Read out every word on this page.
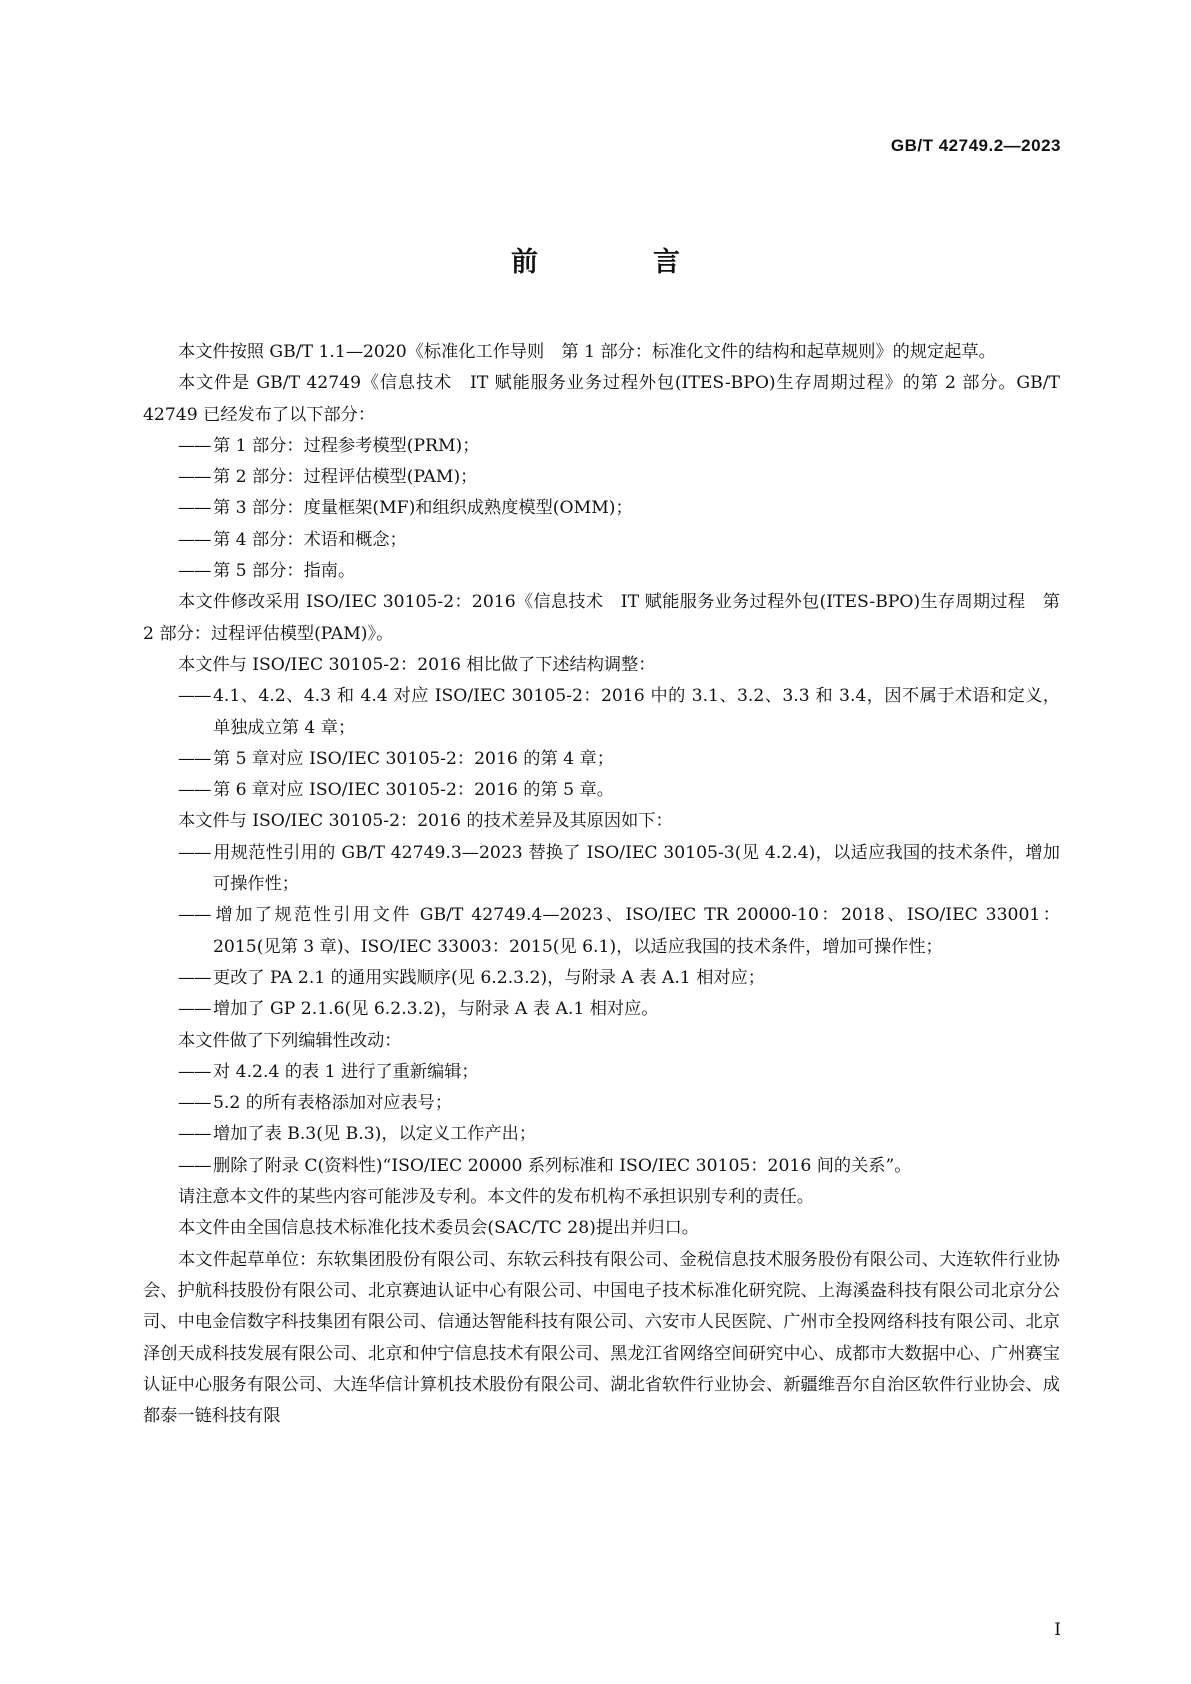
GB/T 42749.2—2023
前　言

本文件按照 GB/T 1.1—2020《标准化工作导则　第 1 部分：标准化文件的结构和起草规则》的规定起草。

本文件是 GB/T 42749《信息技术　IT 赋能服务业务过程外包(ITES-BPO)生存周期过程》的第 2 部分。GB/T 42749 已经发布了以下部分：

—— 第 1 部分：过程参考模型(PRM)；

—— 第 2 部分：过程评估模型(PAM)；

—— 第 3 部分：度量框架(MF)和组织成熟度模型(OMM)；

—— 第 4 部分：术语和概念；

—— 第 5 部分：指南。

本文件修改采用 ISO/IEC 30105-2：2016《信息技术　IT 赋能服务业务过程外包(ITES-BPO)生存周期过程　第 2 部分：过程评估模型(PAM)》。

本文件与 ISO/IEC 30105-2：2016 相比做了下述结构调整：

—— 4.1、4.2、4.3 和 4.4 对应 ISO/IEC 30105-2：2016 中的 3.1、3.2、3.3 和 3.4，因不属于术语和定义，单独成立第 4 章；

—— 第 5 章对应 ISO/IEC 30105-2：2016 的第 4 章；

—— 第 6 章对应 ISO/IEC 30105-2：2016 的第 5 章。

本文件与 ISO/IEC 30105-2：2016 的技术差异及其原因如下：

—— 用规范性引用的 GB/T 42749.3—2023 替换了 ISO/IEC 30105-3(见 4.2.4)，以适应我国的技术条件，增加可操作性；

—— 增加了规范性引用文件 GB/T 42749.4—2023、ISO/IEC TR 20000-10：2018、ISO/IEC 33001：2015(见第 3 章)、ISO/IEC 33003：2015(见 6.1)，以适应我国的技术条件，增加可操作性；

—— 更改了 PA 2.1 的通用实践顺序(见 6.2.3.2)，与附录 A 表 A.1 相对应；

—— 增加了 GP 2.1.6(见 6.2.3.2)，与附录 A 表 A.1 相对应。

本文件做了下列编辑性改动：

—— 对 4.2.4 的表 1 进行了重新编辑；

—— 5.2 的所有表格添加对应表号；

—— 增加了表 B.3(见 B.3)，以定义工作产出；

—— 删除了附录 C(资料性)“ISO/IEC 20000 系列标准和 ISO/IEC 30105：2016 间的关系”。

请注意本文件的某些内容可能涉及专利。本文件的发布机构不承担识别专利的责任。

本文件由全国信息技术标准化技术委员会(SAC/TC 28)提出并归口。

本文件起草单位：东软集团股份有限公司、东软云科技有限公司、金税信息技术服务股份有限公司、大连软件行业协会、护航科技股份有限公司、北京赛迪认证中心有限公司、中国电子技术标准化研究院、上海溪盎科技有限公司北京分公司、中电金信数字科技集团有限公司、信通达智能科技有限公司、六安市人民医院、广州市全投网络科技有限公司、北京泽创天成科技发展有限公司、北京和仲宁信息技术有限公司、黑龙江省网络空间研究中心、成都市大数据中心、广州赛宝认证中心服务有限公司、大连华信计算机技术股份有限公司、湖北省软件行业协会、新疆维吾尔自治区软件行业协会、成都泰一链科技有限

I
